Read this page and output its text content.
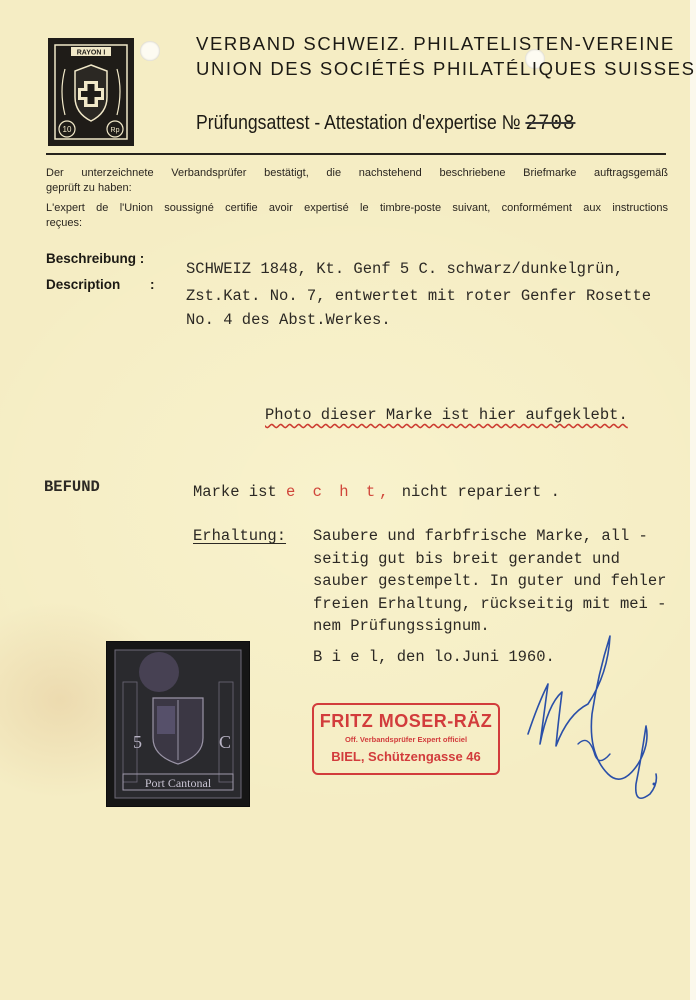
RAYON I
10	Rp
VERBAND SCHWEIZ. PHILATELISTEN-VEREINE
UNION DES SOCIÉTÉS PHILATÉLIQUES SUISSES
Prüfungsattest - Attestation d'expertise № 2708
Der unterzeichnete Verbandsprüfer bestätigt, die nachstehend beschriebene Briefmarke auftragsgemäß
geprüft zu haben:
L'expert de l'Union soussigné certifie avoir expertisé le timbre-poste suivant, conformément aux instructions
reçues:
Beschreibung :
Description :
SCHWEIZ 1848, Kt. Genf 5 C. schwarz/dunkelgrün,
Zst.Kat. No. 7, entwertet mit roter Genfer Rosette
No. 4 des Abst.Werkes.
Photo dieser Marke ist hier aufgeklebt.
BEFUND	Marke ist e c h t, nicht repariert .
Erhaltung: Saubere und farbfrische Marke, all -
seitig gut bis breit gerandet und
sauber gestempelt. In guter und fehler
freien Erhaltung, rückseitig mit mei -
nem Prüfungssignum.
B i e l, den lo.Juni 1960.
5	C
Port Cantonal
FRITZ MOSER-RÄZ
Off. Verbandsprüfer Expert officiel
BIEL, Schützengasse 46
